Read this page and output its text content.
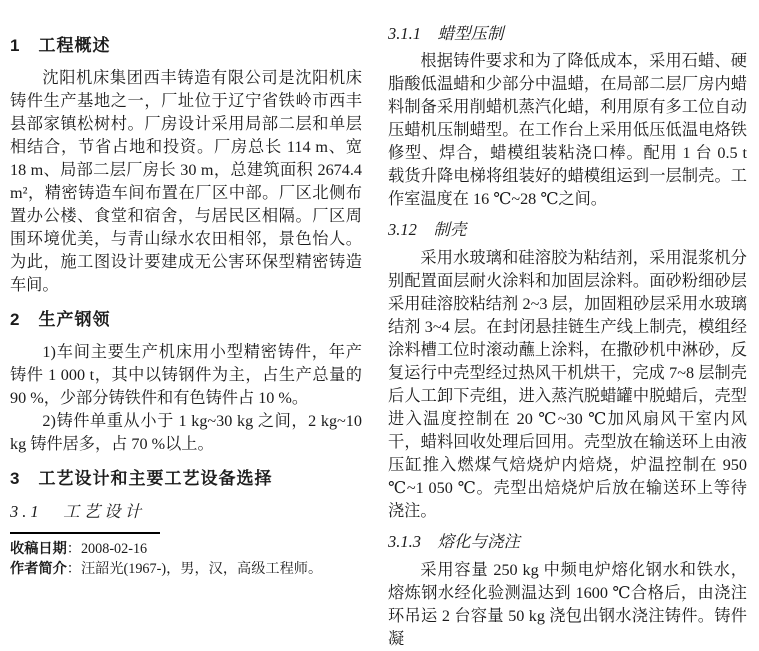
1　工程概述

沈阳机床集团西丰铸造有限公司是沈阳机床铸件生产基地之一，厂址位于辽宁省铁岭市西丰县部家镇松树村。厂房设计采用局部二层和单层相结合，节省占地和投资。厂房总长 114 m、宽 18 m、局部二层厂房长 30 m，总建筑面积 2674.4 m²，精密铸造车间布置在厂区中部。厂区北侧布置办公楼、食堂和宿舍，与居民区相隔。厂区周围环境优美，与青山绿水农田相邻，景色怡人。为此，施工图设计要建成无公害环保型精密铸造车间。

2　生产钢领

1)车间主要生产机床用小型精密铸件，年产铸件 1 000 t，其中以铸钢件为主，占生产总量的 90 %，少部分铸铁件和有色铸件占 10 %。

2)铸件单重从小于 1 kg~30 kg 之间，2 kg~10 kg 铸件居多，占 70 %以上。

3　工艺设计和主要工艺设备选择
3.1　工艺设计
收稿日期：2008-02-16
作者简介：汪韶光(1967-)，男，汉，高级工程师。
3.1.1　蜡型压制

根据铸件要求和为了降低成本，采用石蜡、硬脂酸低温蜡和少部分中温蜡，在局部二层厂房内蜡料制备采用削蜡机蒸汽化蜡，利用原有多工位自动压蜡机压制蜡型。在工作台上采用低压低温电烙铁修型、焊合，蜡模组装粘浇口棒。配用 1 台 0.5 t 载货升降电梯将组装好的蜡模组运到一层制壳。工作室温度在 16 ℃~28 ℃之间。

3.12　制壳

采用水玻璃和硅溶胶为粘结剂，采用混浆机分别配置面层耐火涂料和加固层涂料。面砂粉细砂层采用硅溶胶粘结剂 2~3 层，加固粗砂层采用水玻璃结剂 3~4 层。在封闭悬挂链生产线上制壳，模组经涂料槽工位时滚动蘸上涂料，在撒砂机中淋砂，反复运行中壳型经过热风干机烘干，完成 7~8 层制壳后人工卸下壳组，进入蒸汽脱蜡罐中脱蜡后，壳型进入温度控制在 20 ℃~30 ℃加风扇风干室内风干，蜡料回收处理后回用。壳型放在输送环上由液压缸推入燃煤气焙烧炉内焙烧，炉温控制在 950 ℃~1 050 ℃。壳型出焙烧炉后放在输送环上等待浇注。

3.1.3　熔化与浇注

采用容量 250 kg 中频电炉熔化钢水和铁水，熔炼钢水经化验测温达到 1600 ℃合格后，由浇注环吊运 2 台容量 50 kg 浇包出钢水浇注铸件。铸件凝
